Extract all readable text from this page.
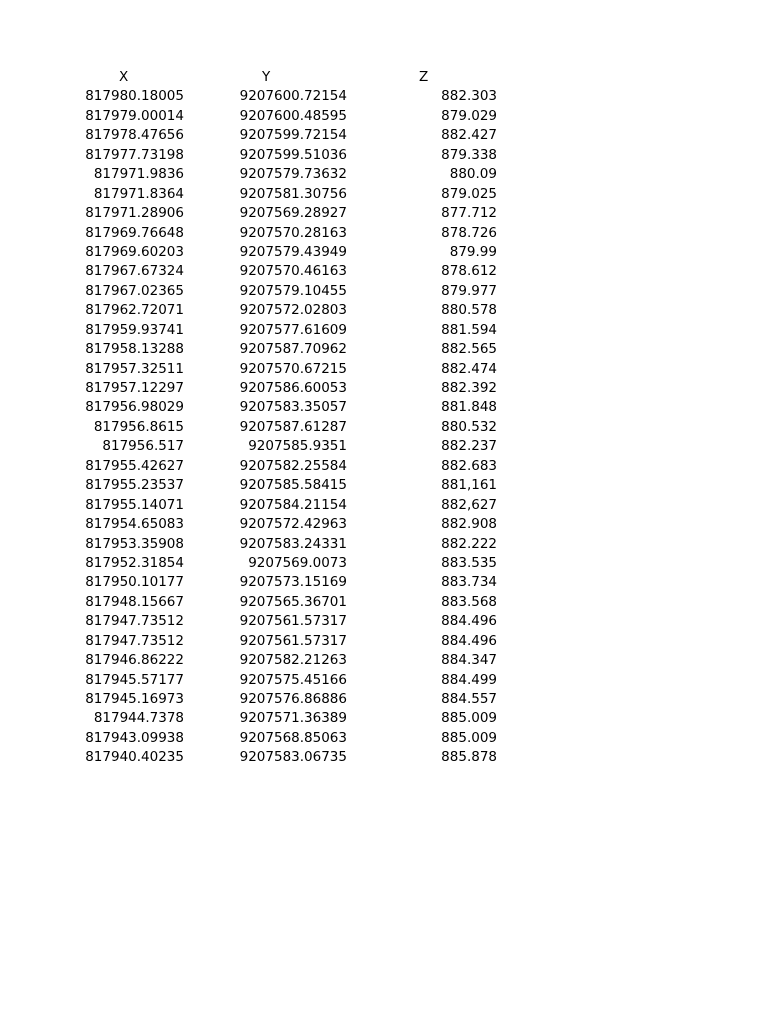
X	Y	Z
817980.18005	9207600.72154	882.303
817979.00014	9207600.48595	879.029
817978.47656	9207599.72154	882.427
817977.73198	9207599.51036	879.338
817971.9836	9207579.73632	880.09
817971.8364	9207581.30756	879.025
817971.28906	9207569.28927	877.712
817969.76648	9207570.28163	878.726
817969.60203	9207579.43949	879.99
817967.67324	9207570.46163	878.612
817967.02365	9207579.10455	879.977
817962.72071	9207572.02803	880.578
817959.93741	9207577.61609	881.594
817958.13288	9207587.70962	882.565
817957.32511	9207570.67215	882.474
817957.12297	9207586.60053	882.392
817956.98029	9207583.35057	881.848
817956.8615	9207587.61287	880.532
817956.517	9207585.9351	882.237
817955.42627	9207582.25584	882.683
817955.23537	9207585.58415	881,161
817955.14071	9207584.21154	882,627
817954.65083	9207572.42963	882.908
817953.35908	9207583.24331	882.222
817952.31854	9207569.0073	883.535
817950.10177	9207573.15169	883.734
817948.15667	9207565.36701	883.568
817947.73512	9207561.57317	884.496
817947.73512	9207561.57317	884.496
817946.86222	9207582.21263	884.347
817945.57177	9207575.45166	884.499
817945.16973	9207576.86886	884.557
817944.7378	9207571.36389	885.009
817943.09938	9207568.85063	885.009
817940.40235	9207583.06735	885.878
